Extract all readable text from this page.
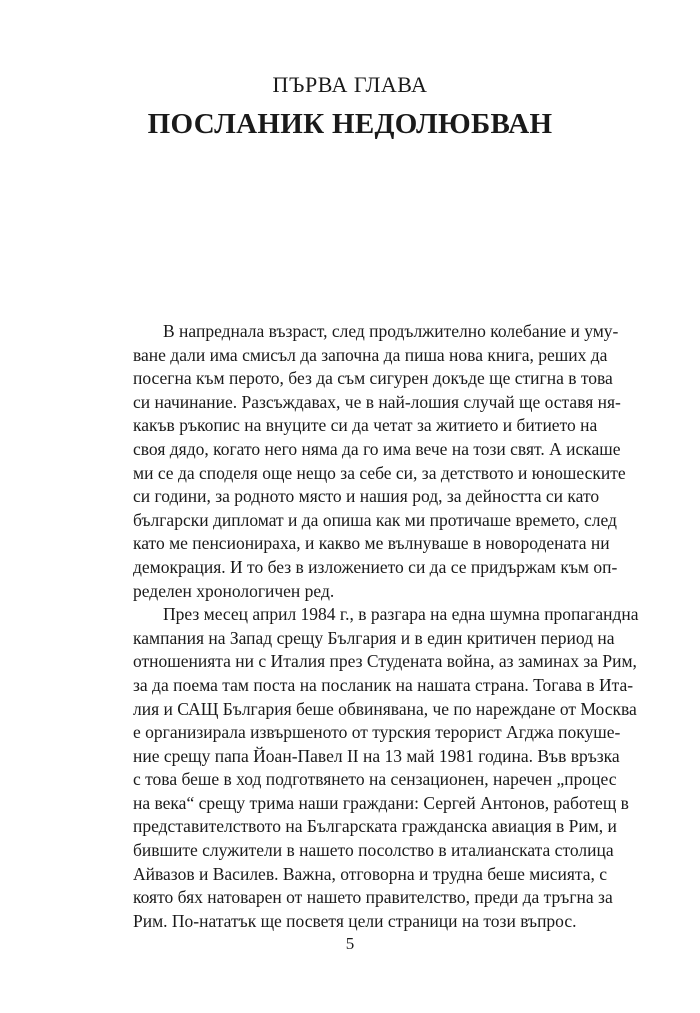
ПЪРВА ГЛАВА
ПОСЛАНИК НЕДОЛЮБВАН

В напреднала възраст, след продължително колебание и уму-
ване дали има смисъл да започна да пиша нова книга, реших да
посегна към перото, без да съм сигурен докъде ще стигна в това
си начинание. Разсъждавах, че в най-лошия случай ще оставя ня-
какъв ръкопис на внуците си да четат за житието и битието на
своя дядо, когато него няма да го има вече на този свят. А искаше
ми се да споделя още нещо за себе си, за детството и юношеските
си години, за родното място и нашия род, за дейността си като
български дипломат и да опиша как ми протичаше времето, след
като ме пенсионираха, и какво ме вълнуваше в новородената ни
демокрация. И то без в изложението си да се придържам към оп-
ределен хронологичен ред.

През месец април 1984 г., в разгара на една шумна пропагандна
кампания на Запад срещу България и в един критичен период на
отношенията ни с Италия през Студената война, аз заминах за Рим,
за да поема там поста на посланик на нашата страна. Тогава в Ита-
лия и САЩ България беше обвинявана, че по нареждане от Москва
е организирала извършеното от турския терорист Агджа покуше-
ние срещу папа Йоан-Павел II на 13 май 1981 година. Във връзка
с това беше в ход подготвянето на сензационен, наречен „процес
на века“ срещу трима наши граждани: Сергей Антонов, работещ в
представителството на Българската гражданска авиация в Рим, и
бившите служители в нашето посолство в италианската столица
Айвазов и Василев. Важна, отговорна и трудна беше мисията, с
която бях натоварен от нашето правителство, преди да тръгна за
Рим. По-нататък ще посветя цели страници на този въпрос.

5
